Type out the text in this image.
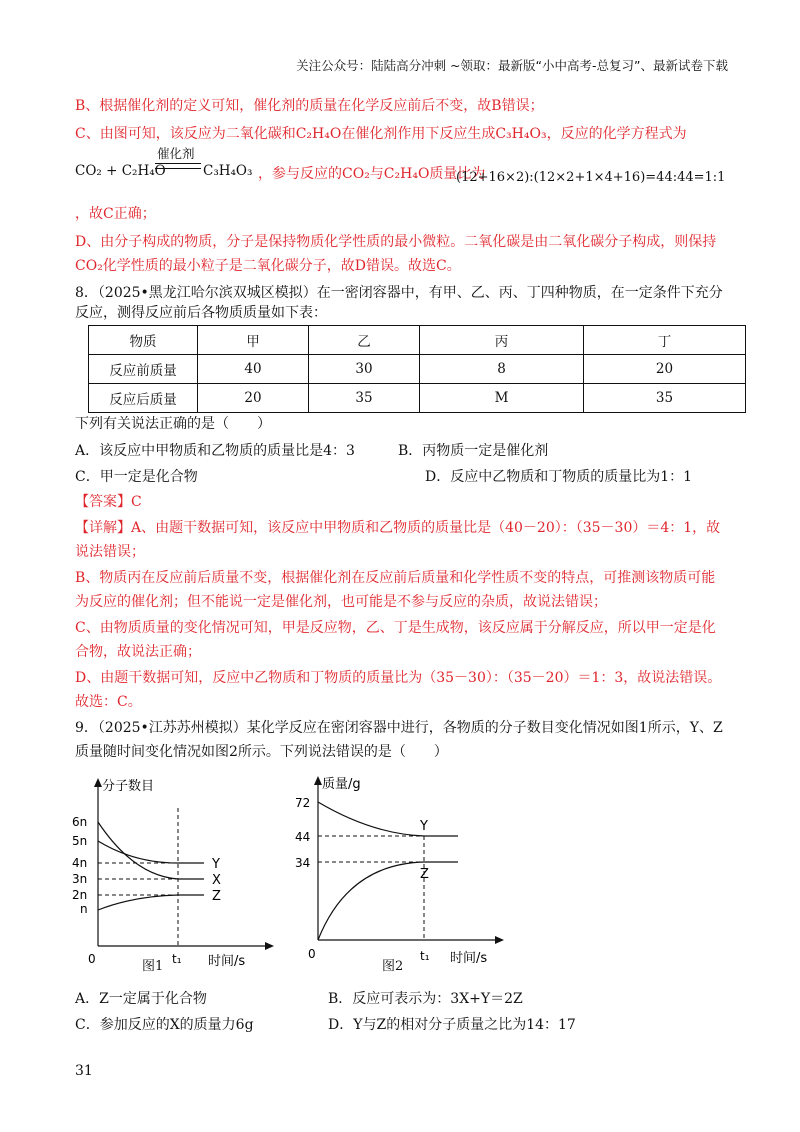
关注公众号：陆陆高分冲刺 ~领取：最新版“小中高考-总复习”、最新试卷下载
B、根据催化剂的定义可知，催化剂的质量在化学反应前后不变，故B错误；
C、由图可知，该反应为二氧化碳和C₂H₄O在催化剂作用下反应生成C₃H₄O₃，反应的化学方程式为
CO₂ + C₂H₄O
催化剂
C₃H₄O₃ ，参与反应的CO₂与C₂H₄O质量比为
(12+16×2):(12×2+1×4+16)=44:44=1:1
，故C正确；
D、由分子构成的物质，分子是保持物质化学性质的最小微粒。二氧化碳是由二氧化碳分子构成，则保持
CO₂化学性质的最小粒子是二氧化碳分子，故D错误。故选C。
8．（2025•黑龙江哈尔滨双城区模拟）在一密闭容器中，有甲、乙、丙、丁四种物质，在一定条件下充分
反应，测得反应前后各物质质量如下表：
物质	甲	乙	丙	丁
反应前质量	40	30	8	20
反应后质量	20	35	M	35
下列有关说法正确的是（　　）
A．该反应中甲物质和乙物质的质量比是4：3	B．丙物质一定是催化剂
C．甲一定是化合物	D．反应中乙物质和丁物质的质量比为1：1
【答案】C
【详解】A、由题干数据可知，该反应中甲物质和乙物质的质量比是（40－20）：（35－30）＝4：1，故
说法错误；
B、物质丙在反应前后质量不变，根据催化剂在反应前后质量和化学性质不变的特点，可推测该物质可能
为反应的催化剂；但不能说一定是催化剂，也可能是不参与反应的杂质，故说法错误；
C、由物质质量的变化情况可知，甲是反应物，乙、丁是生成物，该反应属于分解反应，所以甲一定是化
合物，故说法正确；
D、由题干数据可知，反应中乙物质和丁物质的质量比为（35－30）：（35－20）＝1：3，故说法错误。
故选：C。
9．（2025•江苏苏州模拟）某化学反应在密闭容器中进行，各物质的分子数目变化情况如图1所示，Y、Z
质量随时间变化情况如图2所示。下列说法错误的是（　　）
分子数目
6n
5n
4n
3n
2n
n
0	t₁ 时间/s
Y
X
Z
图1
质量/g
72
44
34
0	t₁ 时间/s
Y
Z
图2
A．Z一定属于化合物	B．反应可表示为：3X+Y＝2Z
C．参加反应的X的质量力6g	D．Y与Z的相对分子质量之比为14：17
31
